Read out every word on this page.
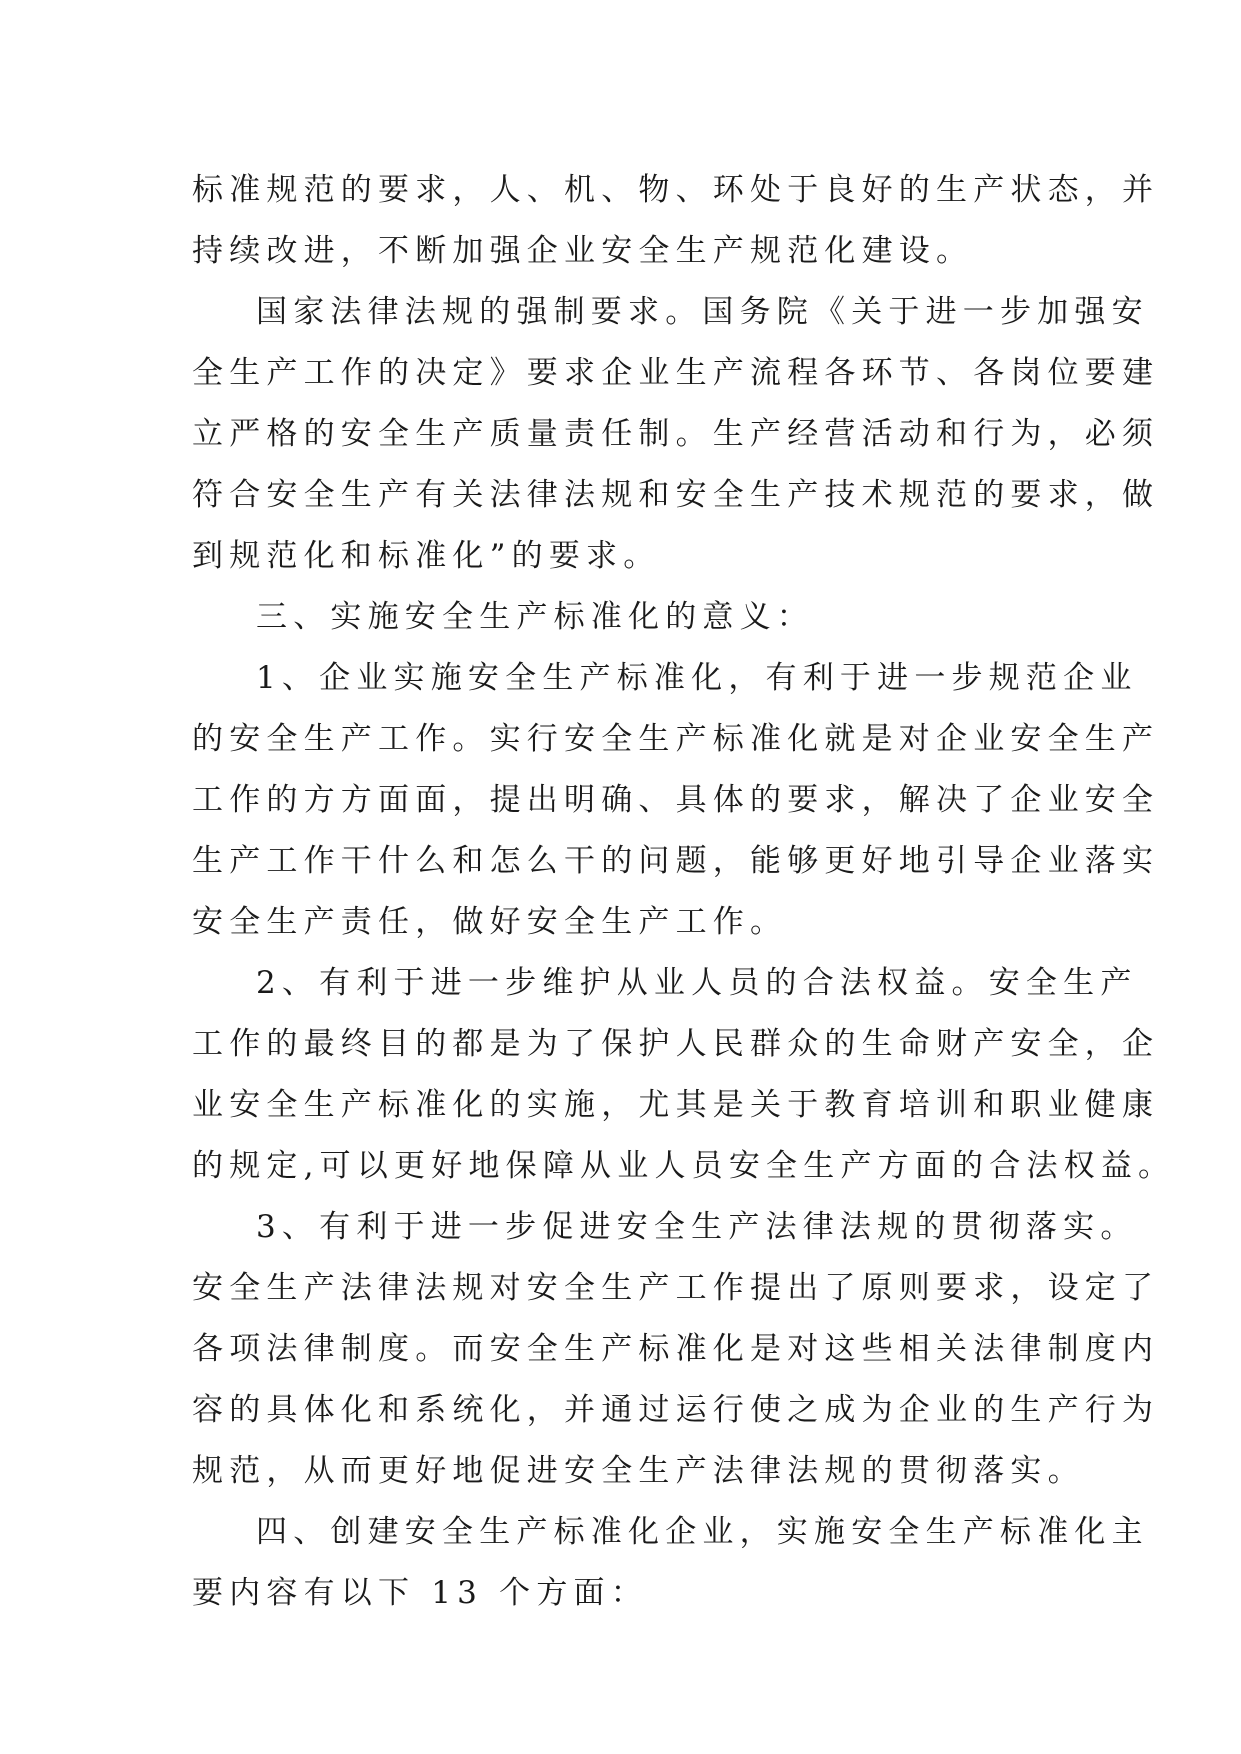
标准规范的要求，人、机、物、环处于良好的生产状态，并
持续改进，不断加强企业安全生产规范化建设。

国家法律法规的强制要求。国务院《关于进一步加强安
全生产工作的决定》要求企业生产流程各环节、各岗位要建
立严格的安全生产质量责任制。生产经营活动和行为，必须
符合安全生产有关法律法规和安全生产技术规范的要求，做
到规范化和标准化”的要求。

三、实施安全生产标准化的意义：

1、企业实施安全生产标准化，有利于进一步规范企业
的安全生产工作。实行安全生产标准化就是对企业安全生产
工作的方方面面，提出明确、具体的要求，解决了企业安全
生产工作干什么和怎么干的问题，能够更好地引导企业落实
安全生产责任，做好安全生产工作。

2、有利于进一步维护从业人员的合法权益。安全生产
工作的最终目的都是为了保护人民群众的生命财产安全，企
业安全生产标准化的实施，尤其是关于教育培训和职业健康
的规定,可以更好地保障从业人员安全生产方面的合法权益。

3、有利于进一步促进安全生产法律法规的贯彻落实。
安全生产法律法规对安全生产工作提出了原则要求，设定了
各项法律制度。而安全生产标准化是对这些相关法律制度内
容的具体化和系统化，并通过运行使之成为企业的生产行为
规范，从而更好地促进安全生产法律法规的贯彻落实。

四、创建安全生产标准化企业，实施安全生产标准化主
要内容有以下 13 个方面：
